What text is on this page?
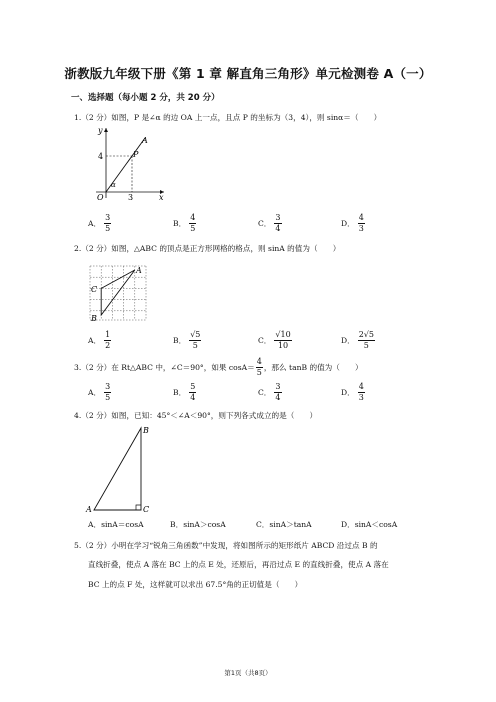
浙教版九年级下册《第 1 章 解直角三角形》单元检测卷 A（一）
一、选择题（每小题 2 分，共 20 分）
1.（2 分）如图，P 是∠α 的边 OA 上一点，且点 P 的坐标为（3，4），则 sinα＝（　　）
y
A
P
4
α
O	3	x
A． $\frac{3}{5}$	B． $\frac{4}{5}$	C． $\frac{3}{4}$	D． $\frac{4}{3}$
2.（2 分）如图，△ABC 的顶点是正方形网格的格点，则 sinA 的值为（　　）
A
C
B
A． $\frac{1}{2}$	B． $\frac{√5}{5}$	C． $\frac{√10}{10}$	D． $\frac{2√5}{5}$
3.（2 分）在 Rt△ABC 中，∠C＝90°，如果 $\cos A= \frac{4}{5}$ ，那么 tanB 的值为（　　）
A． $\frac{3}{5}$	B． $\frac{5}{4}$	C． $\frac{3}{4}$	D． $\frac{4}{3}$
4.（2 分）如图，已知：45°＜∠A＜90°，则下列各式成立的是（　　）
B
A	C
A． sinA＝cosA	B． sinA＞cosA	C． sinA＞tanA	D． sinA＜cosA
5.（2 分）小明在学习“锐角三角函数”中发现，将如图所示的矩形纸片 ABCD 沿过点 B 的
直线折叠，使点 A 落在 BC 上的点 E 处，还原后，再沿过点 E 的直线折叠，使点 A 落在
BC 上的点 F 处，这样就可以求出 67.5°角的正切值是（　　）
第1页（共8页）
